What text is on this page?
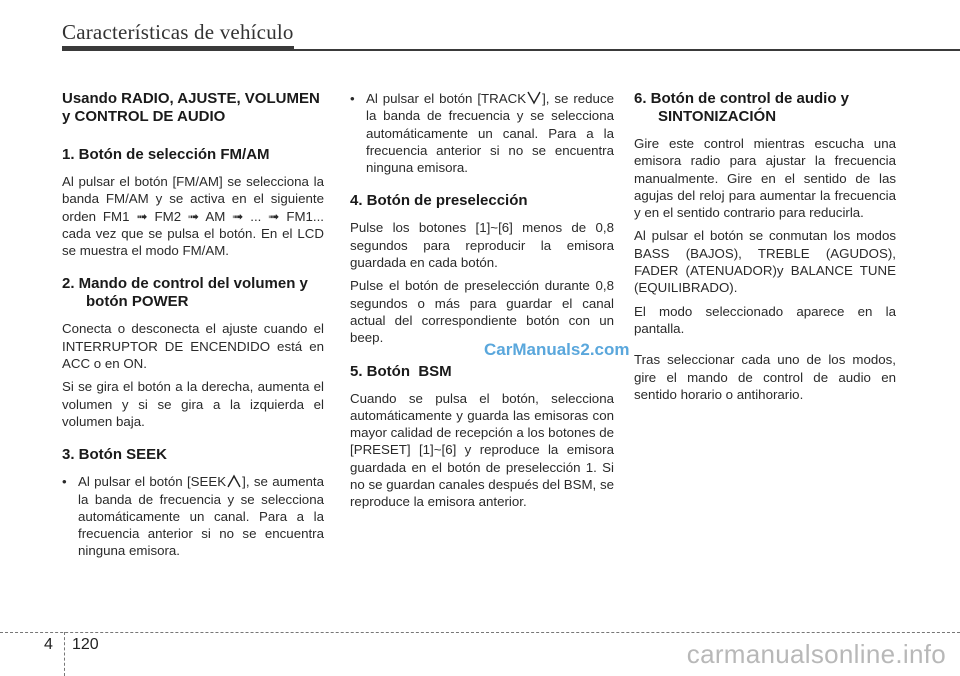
Características de vehículo
Usando RADIO, AJUSTE, VOLUMEN y CONTROL DE AUDIO
1. Botón de selección FM/AM

Al pulsar el botón [FM/AM] se selecciona la banda FM/AM y se activa en el siguiente orden FM1 ➟ FM2 ➟ AM ➟ ... ➟ FM1... cada vez que se pulsa el botón. En el LCD se muestra el modo FM/AM.

2. Mando de control del volumen y botón POWER

Conecta o desconecta el ajuste cuando el INTERRUPTOR DE ENCENDIDO está en ACC o en ON.

Si se gira el botón a la derecha, aumenta el volumen y si se gira a la izquierda el volumen baja.

3. Botón SEEK
• Al pulsar el botón [SEEK ], se aumenta la banda de frecuencia y se selecciona automáticamente un canal. Para a la frecuencia anterior si no se encuentra ninguna emisora.
• Al pulsar el botón [TRACK ], se reduce la banda de frecuencia y se selecciona automáticamente un canal. Para a la frecuencia anterior si no se encuentra ninguna emisora.
4. Botón de preselección

Pulse los botones [1]~[6] menos de 0,8 segundos para reproducir la emisora guardada en cada botón.

Pulse el botón de preselección durante 0,8 segundos o más para guardar el canal actual del correspondiente botón con un beep.

5. Botón  BSM

Cuando se pulsa el botón, selecciona automáticamente y guarda las emisoras con mayor calidad de recepción a los botones de [PRESET] [1]~[6] y reproduce la emisora guardada en el botón de preselección 1. Si no se guardan canales después del BSM, se reproduce la emisora anterior.

6. Botón de control de audio y SINTONIZACIÓN

Gire este control mientras escucha una emisora radio para ajustar la frecuencia manualmente. Gire en el sentido de las agujas del reloj para aumentar la frecuencia y en el sentido contrario para reducirla.

Al pulsar el botón se conmutan los modos BASS (BAJOS), TREBLE (AGUDOS), FADER (ATENUADOR)y BALANCE TUNE (EQUILIBRADO).

El modo seleccionado aparece en la pantalla.

Tras seleccionar cada uno de los modos, gire el mando de control de audio en sentido horario o antihorario.

CarManuals2.com
4 120	carmanualsonline.info
